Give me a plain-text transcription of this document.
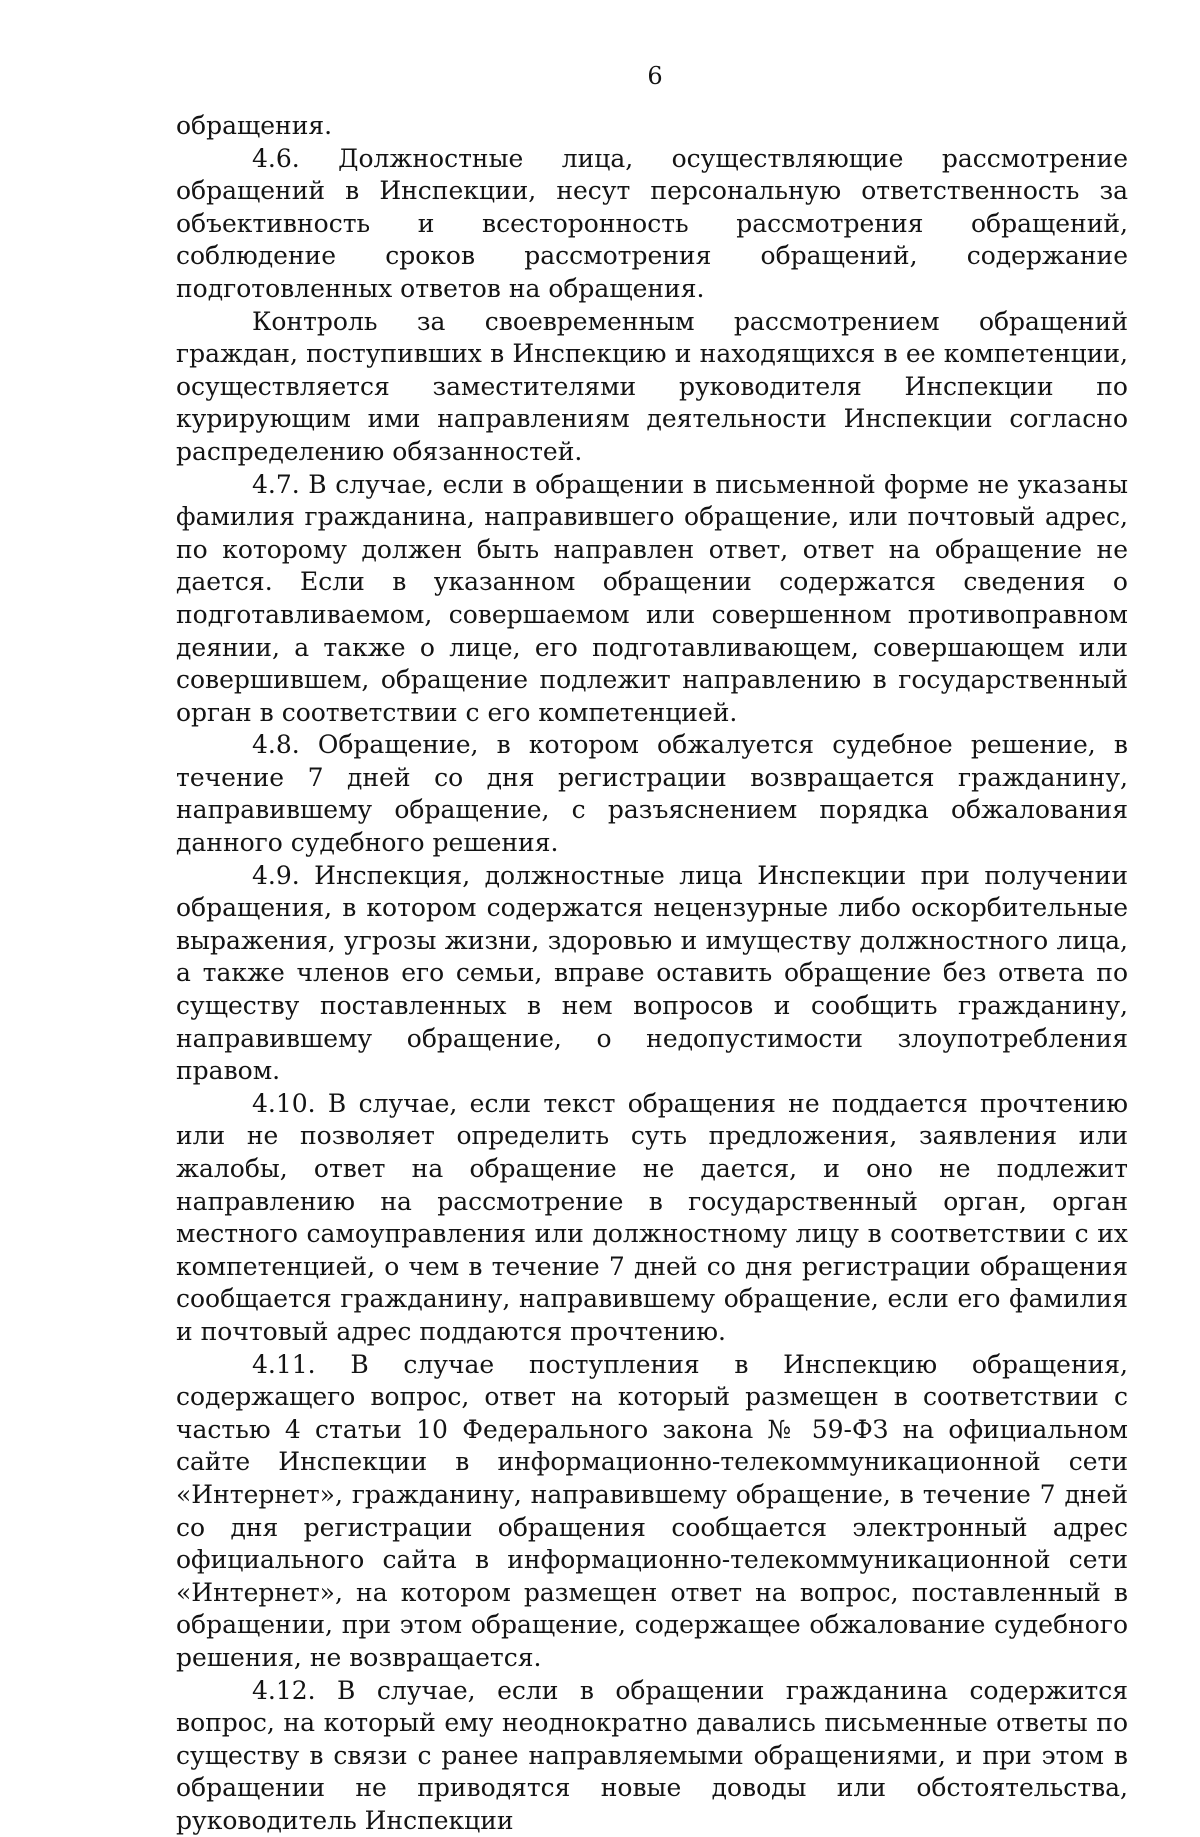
6

обращения.

4.6. Должностные лица, осуществляющие рассмотрение обращений в Инспекции, несут персональную ответственность за объективность и всесторонность рассмотрения обращений, соблюдение сроков рассмотрения обращений, содержание подготовленных ответов на обращения.

Контроль за своевременным рассмотрением обращений граждан, поступивших в Инспекцию и находящихся в ее компетенции, осуществляется заместителями руководителя Инспекции по курирующим ими направлениям деятельности Инспекции согласно распределению обязанностей.

4.7. В случае, если в обращении в письменной форме не указаны фамилия гражданина, направившего обращение, или почтовый адрес, по которому должен быть направлен ответ, ответ на обращение не дается. Если в указанном обращении содержатся сведения о подготавливаемом, совершаемом или совершенном противоправном деянии, а также о лице, его подготавливающем, совершающем или совершившем, обращение подлежит направлению в государственный орган в соответствии с его компетенцией.

4.8. Обращение, в котором обжалуется судебное решение, в течение 7 дней со дня регистрации возвращается гражданину, направившему обращение, с разъяснением порядка обжалования данного судебного решения.

4.9. Инспекция, должностные лица Инспекции при получении обращения, в котором содержатся нецензурные либо оскорбительные выражения, угрозы жизни, здоровью и имуществу должностного лица, а также членов его семьи, вправе оставить обращение без ответа по существу поставленных в нем вопросов и сообщить гражданину, направившему обращение, о недопустимости злоупотребления правом.

4.10. В случае, если текст обращения не поддается прочтению или не позволяет определить суть предложения, заявления или жалобы, ответ на обращение не дается, и оно не подлежит направлению на рассмотрение в государственный орган, орган местного самоуправления или должностному лицу в соответствии с их компетенцией, о чем в течение 7 дней со дня регистрации обращения сообщается гражданину, направившему обращение, если его фамилия и почтовый адрес поддаются прочтению.

4.11. В случае поступления в Инспекцию обращения, содержащего вопрос, ответ на который размещен в соответствии с частью 4 статьи 10 Федерального закона № 59-ФЗ на официальном сайте Инспекции в информационно-телекоммуникационной сети «Интернет», гражданину, направившему обращение, в течение 7 дней со дня регистрации обращения сообщается электронный адрес официального сайта в информационно-телекоммуникационной сети «Интернет», на котором размещен ответ на вопрос, поставленный в обращении, при этом обращение, содержащее обжалование судебного решения, не возвращается.

4.12. В случае, если в обращении гражданина содержится вопрос, на который ему неоднократно давались письменные ответы по существу в связи с ранее направляемыми обращениями, и при этом в обращении не приводятся новые доводы или обстоятельства, руководитель Инспекции
